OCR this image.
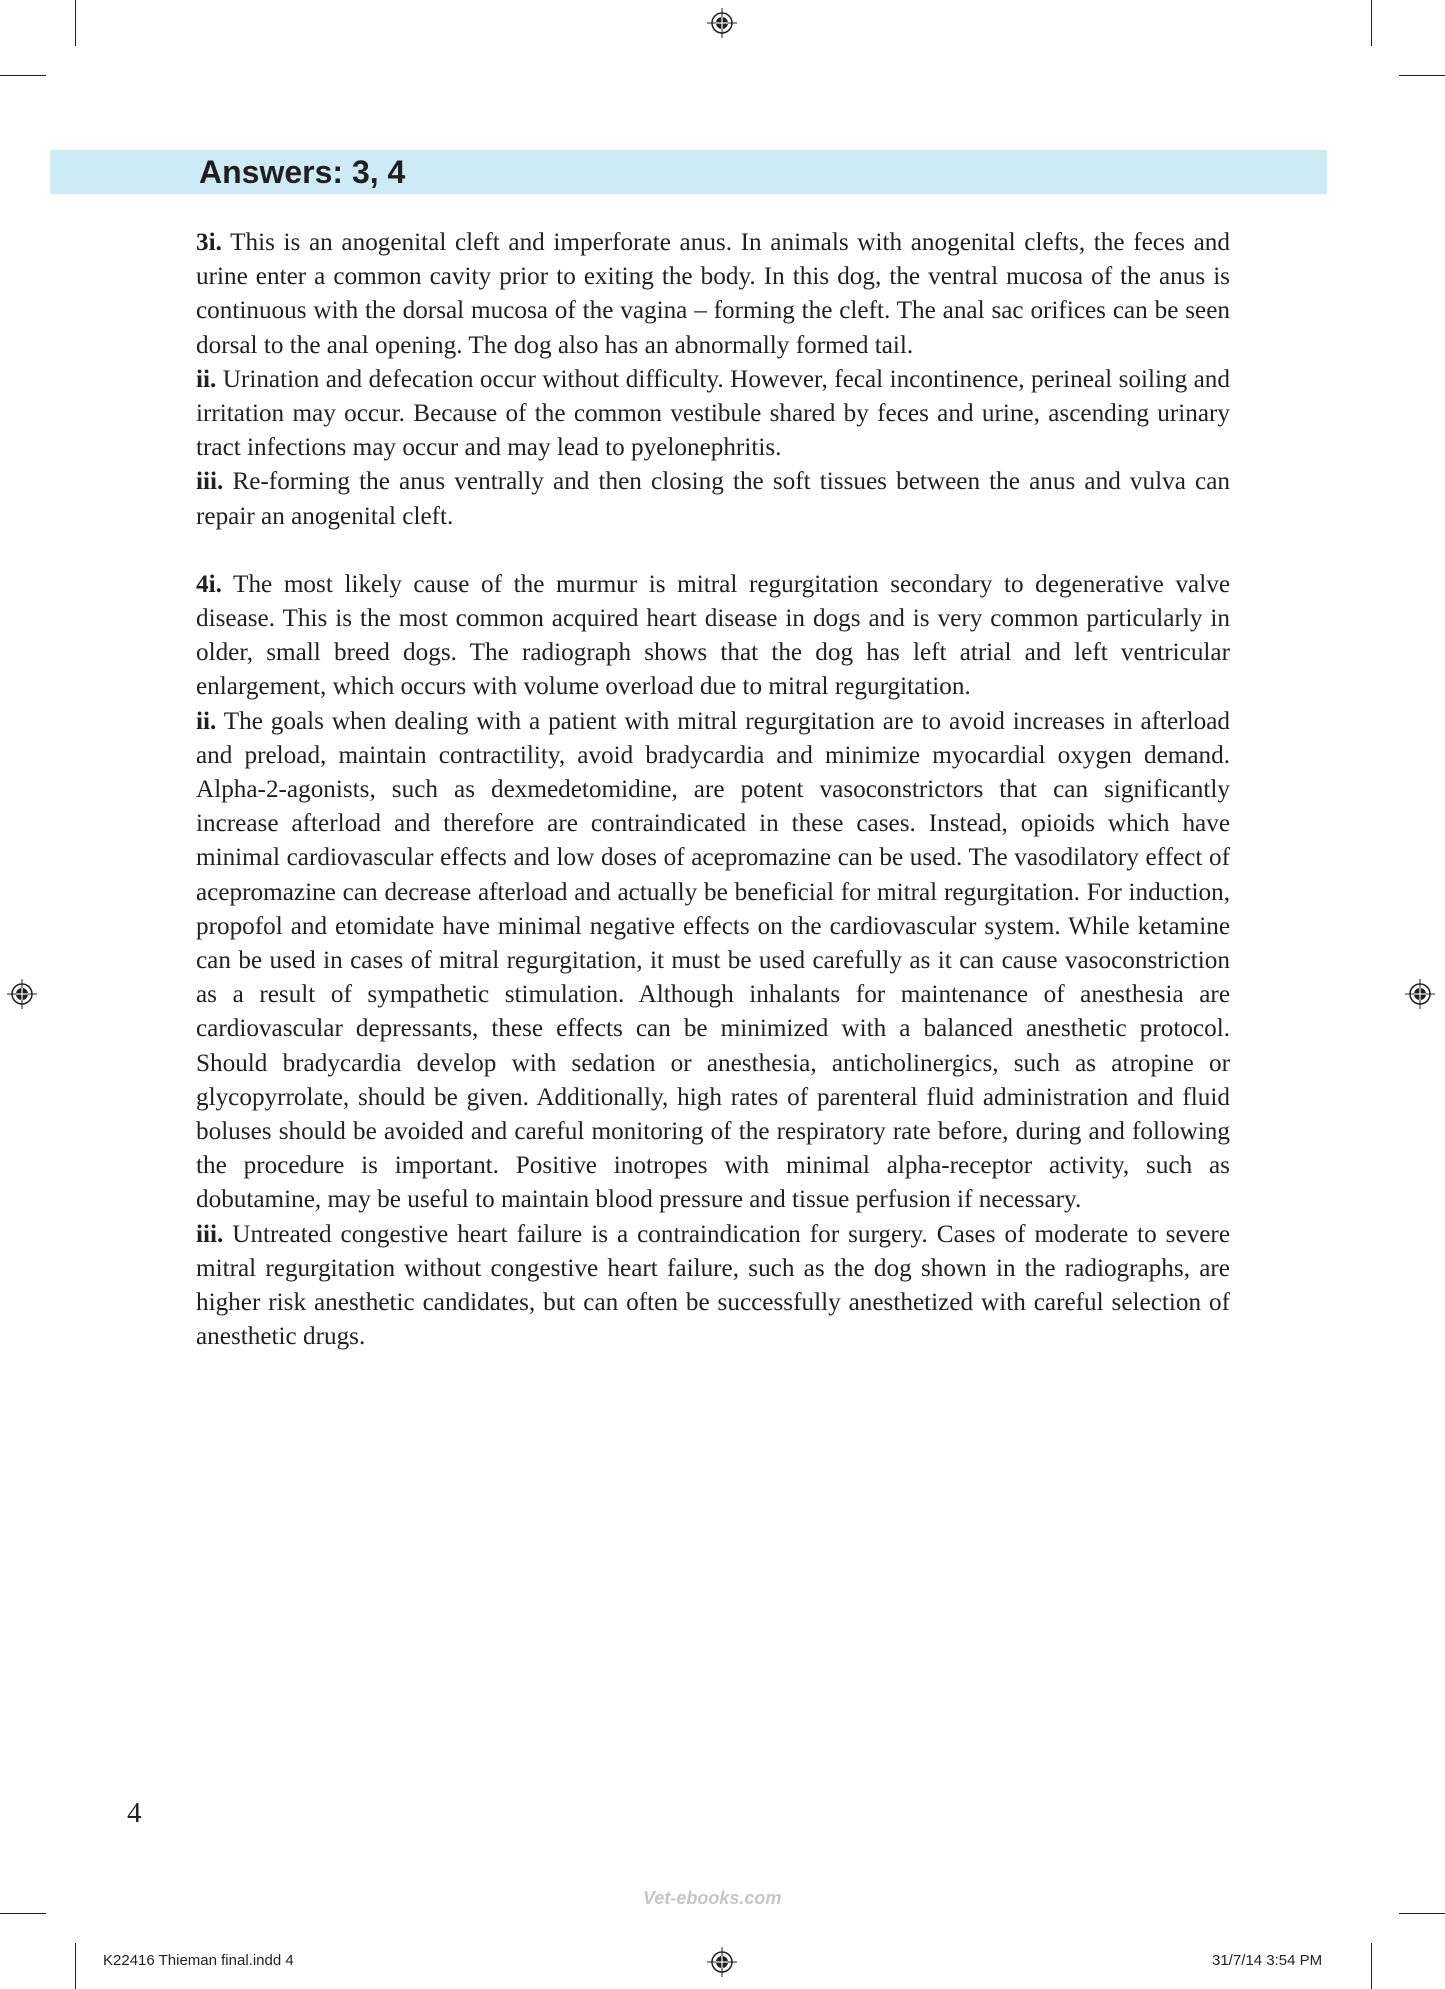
Answers: 3, 4

3i. This is an anogenital cleft and imperforate anus. In animals with anogenital clefts, the feces and urine enter a common cavity prior to exiting the body. In this dog, the ventral mucosa of the anus is continuous with the dorsal mucosa of the vagina – forming the cleft. The anal sac orifices can be seen dorsal to the anal opening. The dog also has an abnormally formed tail.

ii. Urination and defecation occur without difficulty. However, fecal incontinence, perineal soiling and irritation may occur. Because of the common vestibule shared by feces and urine, ascending urinary tract infections may occur and may lead to pyelonephritis.

iii. Re-forming the anus ventrally and then closing the soft tissues between the anus and vulva can repair an anogenital cleft.

4i. The most likely cause of the murmur is mitral regurgitation secondary to degenerative valve disease. This is the most common acquired heart disease in dogs and is very common particularly in older, small breed dogs. The radiograph shows that the dog has left atrial and left ventricular enlargement, which occurs with volume overload due to mitral regurgitation.

ii. The goals when dealing with a patient with mitral regurgitation are to avoid increases in afterload and preload, maintain contractility, avoid bradycardia and minimize myocardial oxygen demand. Alpha-2-agonists, such as dexmedetomidine, are potent vasoconstrictors that can significantly increase afterload and therefore are contraindicated in these cases. Instead, opioids which have minimal cardiovascular effects and low doses of acepromazine can be used. The vasodilatory effect of acepromazine can decrease afterload and actually be beneficial for mitral regurgitation. For induction, propofol and etomidate have minimal negative effects on the cardiovascular system. While ketamine can be used in cases of mitral regurgitation, it must be used carefully as it can cause vasoconstriction as a result of sympathetic stimulation. Although inhalants for maintenance of anesthesia are cardiovascular depressants, these effects can be minimized with a balanced anesthetic protocol. Should bradycardia develop with sedation or anesthesia, anticholinergics, such as atropine or glycopyrrolate, should be given. Additionally, high rates of parenteral fluid administration and fluid boluses should be avoided and careful monitoring of the respiratory rate before, during and following the procedure is important. Positive inotropes with minimal alpha-receptor activity, such as dobutamine, may be useful to maintain blood pressure and tissue perfusion if necessary.

iii. Untreated congestive heart failure is a contraindication for surgery. Cases of moderate to severe mitral regurgitation without congestive heart failure, such as the dog shown in the radiographs, are higher risk anesthetic candidates, but can often be successfully anesthetized with careful selection of anesthetic drugs.

4
Vet-ebooks.com
K22416 Thieman final.indd 4	31/7/14 3:54 PM
